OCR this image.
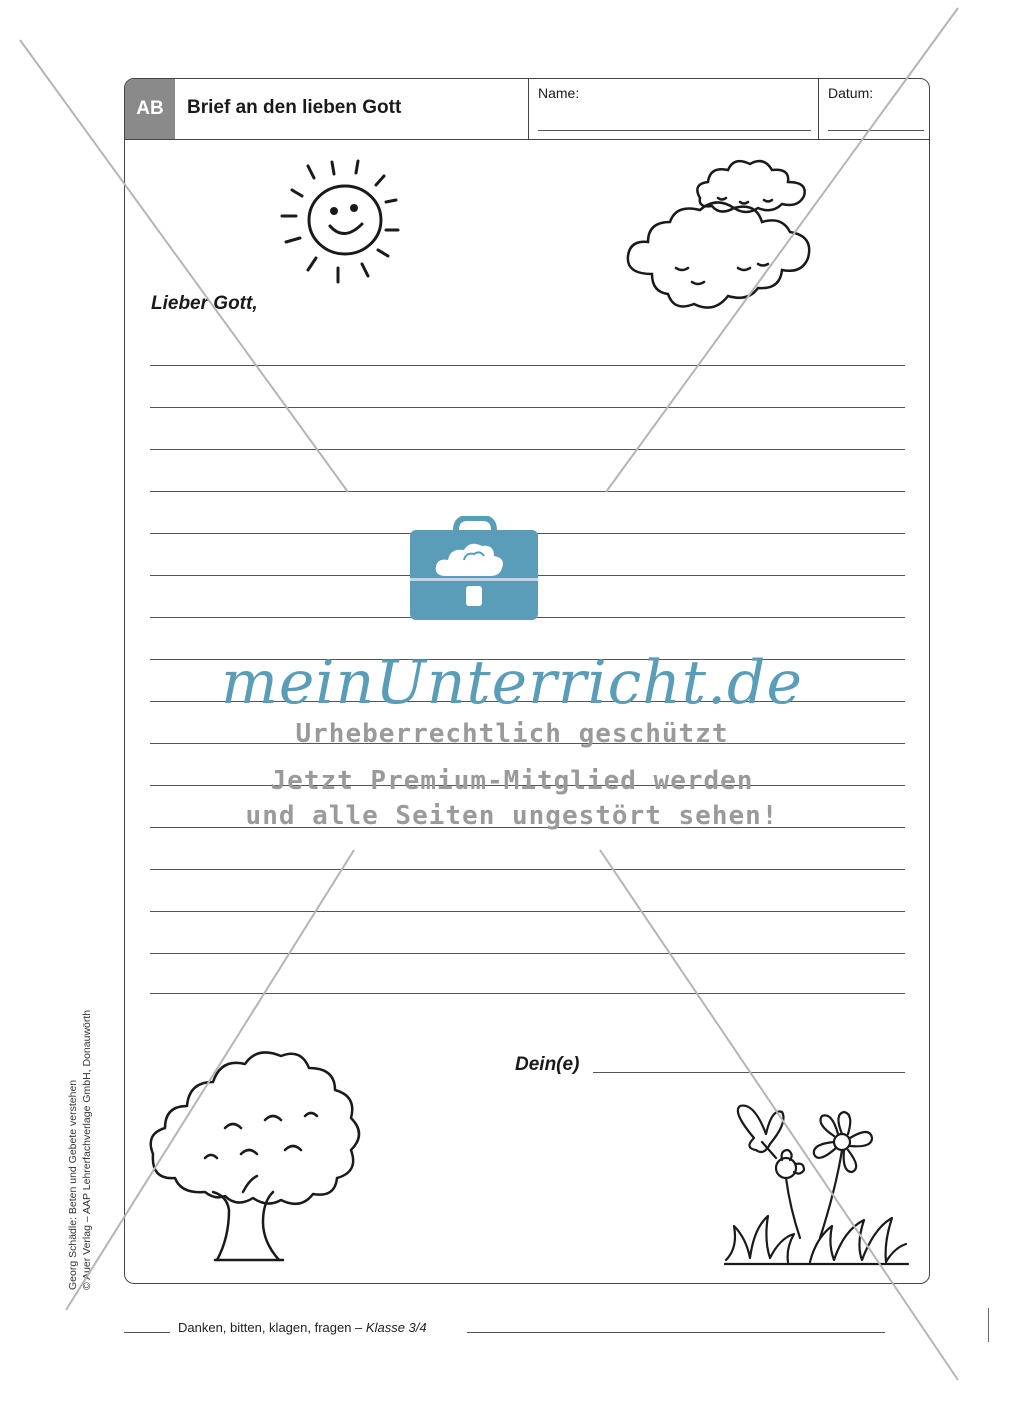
AB	Brief an den lieben Gott
Name:	Datum:
Lieber Gott,
Dein(e)
Georg Schädle: Beten und Gebete verstehen © Auer Verlag – AAP Lehrerfachverlage GmbH, Donauwörth
Danken, bitten, klagen, fragen – Klasse 3/4
meinUnterricht.de
Urheberrechtlich geschützt
Jetzt Premium-Mitglied werden
und alle Seiten ungestört sehen!
